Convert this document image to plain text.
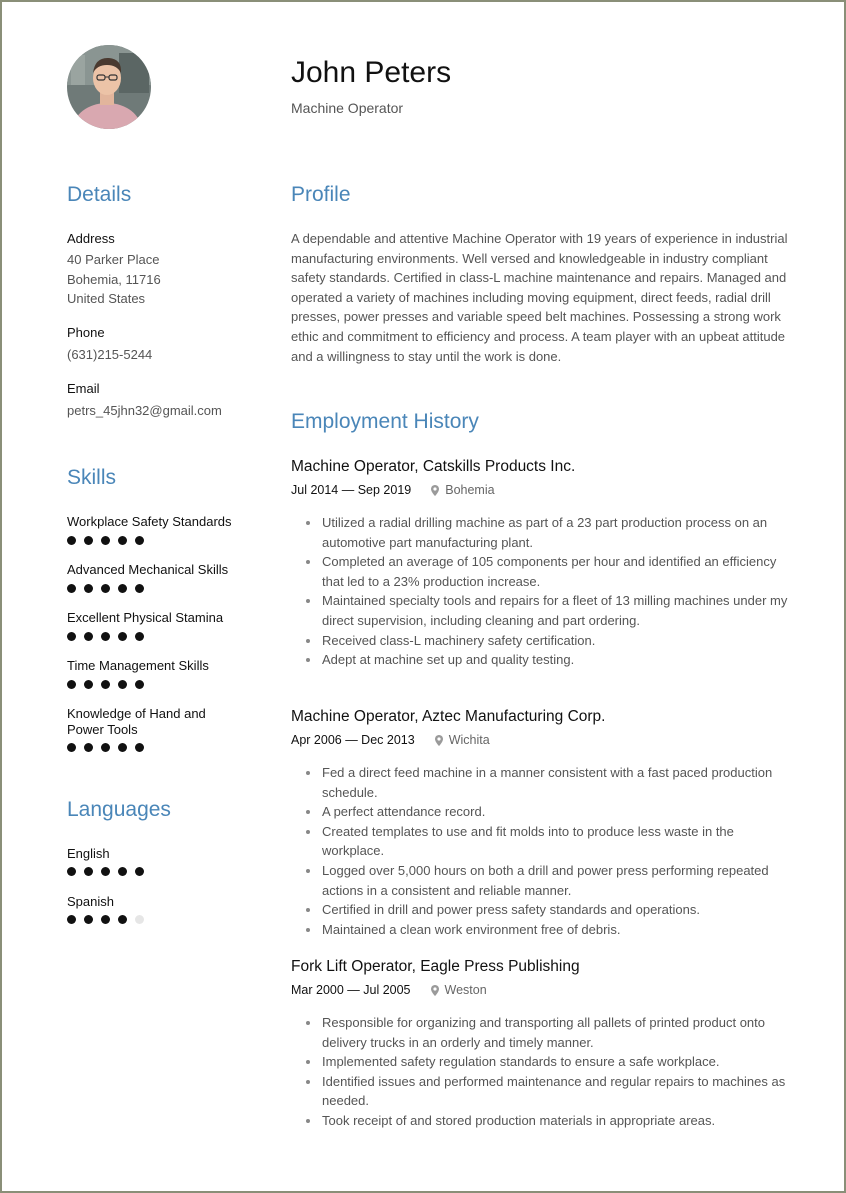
John Peters
Machine Operator
Details
Address
40 Parker Place
Bohemia, 11716
United States
Phone
(631)215-5244
Email
petrs_45jhn32@gmail.com
Skills
Workplace Safety Standards
Advanced Mechanical Skills
Excellent Physical Stamina
Time Management Skills
Knowledge of Hand and Power Tools
Languages
English
Spanish
Profile
A dependable and attentive Machine Operator with 19 years of experience in industrial manufacturing environments. Well versed and knowledgeable in industry compliant safety standards. Certified in class-L machine maintenance and repairs. Managed and operated a variety of machines including moving equipment, direct feeds, radial drill presses, power presses and variable speed belt machines. Possessing a strong work ethic and commitment to efficiency and process. A team player with an upbeat attitude and a willingness to stay until the work is done.
Employment History
Machine Operator, Catskills Products Inc.
Jul 2014 — Sep 2019	Bohemia
Utilized a radial drilling machine as part of a 23 part production process on an automotive part manufacturing plant.
Completed an average of 105 components per hour and identified an efficiency that led to a 23% production increase.
Maintained specialty tools and repairs for a fleet of 13 milling machines under my direct supervision, including cleaning and part ordering.
Received class-L machinery safety certification.
Adept at machine set up and quality testing.
Machine Operator, Aztec Manufacturing Corp.
Apr 2006 — Dec 2013	Wichita
Fed a direct feed machine in a manner consistent with a fast paced production schedule.
A perfect attendance record.
Created templates to use and fit molds into to produce less waste in the workplace.
Logged over 5,000 hours on both a drill and power press performing repeated actions in a consistent and reliable manner.
Certified in drill and power press safety standards and operations.
Maintained a clean work environment free of debris.
Fork Lift Operator, Eagle Press Publishing
Mar 2000 — Jul 2005	Weston
Responsible for organizing and transporting all pallets of printed product onto delivery trucks in an orderly and timely manner.
Implemented safety regulation standards to ensure a safe workplace.
Identified issues and performed maintenance and regular repairs to machines as needed.
Took receipt of and stored production materials in appropriate areas.
